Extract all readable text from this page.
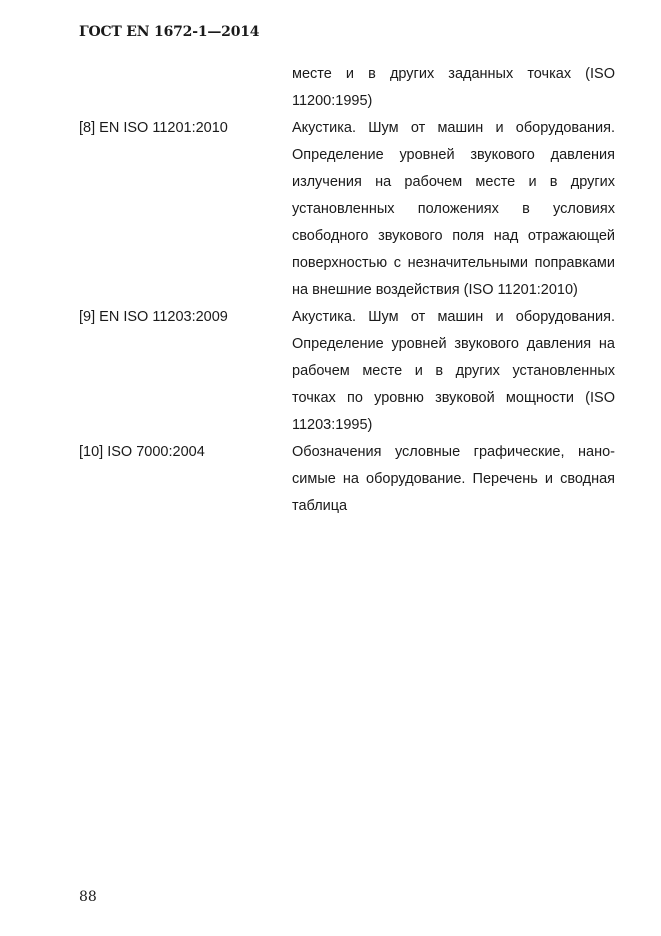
ГОСТ EN 1672-1—2014
месте и в других заданных точках (ISO 11200:1995)
[8] EN ISO 11201:2010	Акустика. Шум от машин и оборудования. Определение уровней звукового давления излучения на рабочем месте и в других установленных положениях в условиях свободного звукового поля над отражающей поверхностью с незначительными поправками на внешние воздействия (ISO 11201:2010)
[9] EN ISO 11203:2009	Акустика. Шум от машин и оборудования. Определение уровней звукового давления на рабочем месте и в других установленных точках по уровню звуковой мощности (ISO 11203:1995)
[10] ISO 7000:2004	Обозначения условные графические, наносимые на оборудование. Перечень и сводная таблица
88
